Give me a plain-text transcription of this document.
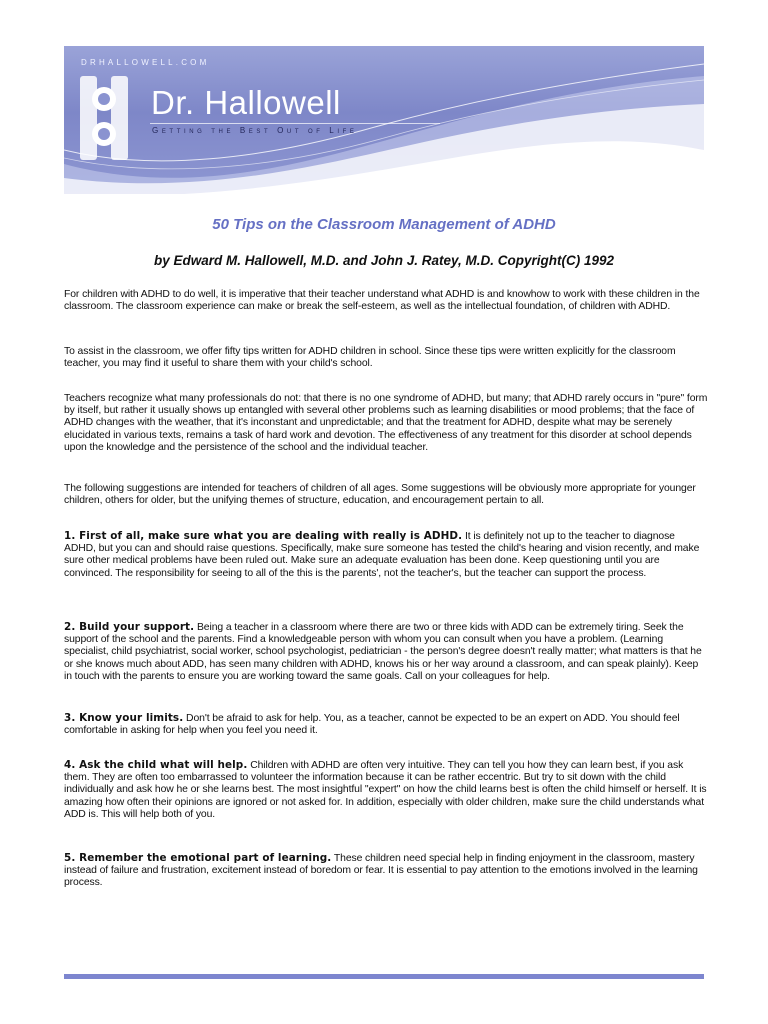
DRHALLOWELL.COM
Dr. Hallowell
Getting the Best Out of Life
50 Tips on the Classroom Management of ADHD
by Edward M. Hallowell, M.D. and John J. Ratey, M.D. Copyright(C) 1992

For children with ADHD to do well, it is imperative that their teacher understand what ADHD is and knowhow to work with these children in the classroom. The classroom experience can make or break the self-esteem, as well as the intellectual foundation, of children with ADHD.

To assist in the classroom, we offer fifty tips written for ADHD children in school. Since these tips were written explicitly for the classroom teacher, you may find it useful to share them with your child's school.

Teachers recognize what many professionals do not: that there is no one syndrome of ADHD, but many; that ADHD rarely occurs in "pure" form by itself, but rather it usually shows up entangled with several other problems such as learning disabilities or mood problems; that the face of ADHD changes with the weather, that it's inconstant and unpredictable; and that the treatment for ADHD, despite what may be serenely elucidated in various texts, remains a task of hard work and devotion. The effectiveness of any treatment for this disorder at school depends upon the knowledge and the persistence of the school and the individual teacher.

The following suggestions are intended for teachers of children of all ages. Some suggestions will be obviously more appropriate for younger children, others for older, but the unifying themes of structure, education, and encouragement pertain to all.

1. First of all, make sure what you are dealing with really is ADHD. It is definitely not up to the teacher to diagnose ADHD, but you can and should raise questions. Specifically, make sure someone has tested the child's hearing and vision recently, and make sure other medical problems have been ruled out. Make sure an adequate evaluation has been done. Keep questioning until you are convinced. The responsibility for seeing to all of the this is the parents', not the teacher's, but the teacher can support the process.

2. Build your support. Being a teacher in a classroom where there are two or three kids with ADD can be extremely tiring. Seek the support of the school and the parents. Find a knowledgeable person with whom you can consult when you have a problem. (Learning specialist, child psychiatrist, social worker, school psychologist, pediatrician - the person's degree doesn't really matter; what matters is that he or she knows much about ADD, has seen many children with ADHD, knows his or her way around a classroom, and can speak plainly). Keep in touch with the parents to ensure you are working toward the same goals. Call on your colleagues for help.

3. Know your limits. Don't be afraid to ask for help. You, as a teacher, cannot be expected to be an expert on ADD. You should feel comfortable in asking for help when you feel you need it.

4. Ask the child what will help. Children with ADHD are often very intuitive. They can tell you how they can learn best, if you ask them. They are often too embarrassed to volunteer the information because it can be rather eccentric. But try to sit down with the child individually and ask how he or she learns best. The most insightful "expert" on how the child learns best is often the child himself or herself. It is amazing how often their opinions are ignored or not asked for. In addition, especially with older children, make sure the child understands what ADD is. This will help both of you.

5. Remember the emotional part of learning. These children need special help in finding enjoyment in the classroom, mastery instead of failure and frustration, excitement instead of boredom or fear. It is essential to pay attention to the emotions involved in the learning process.
